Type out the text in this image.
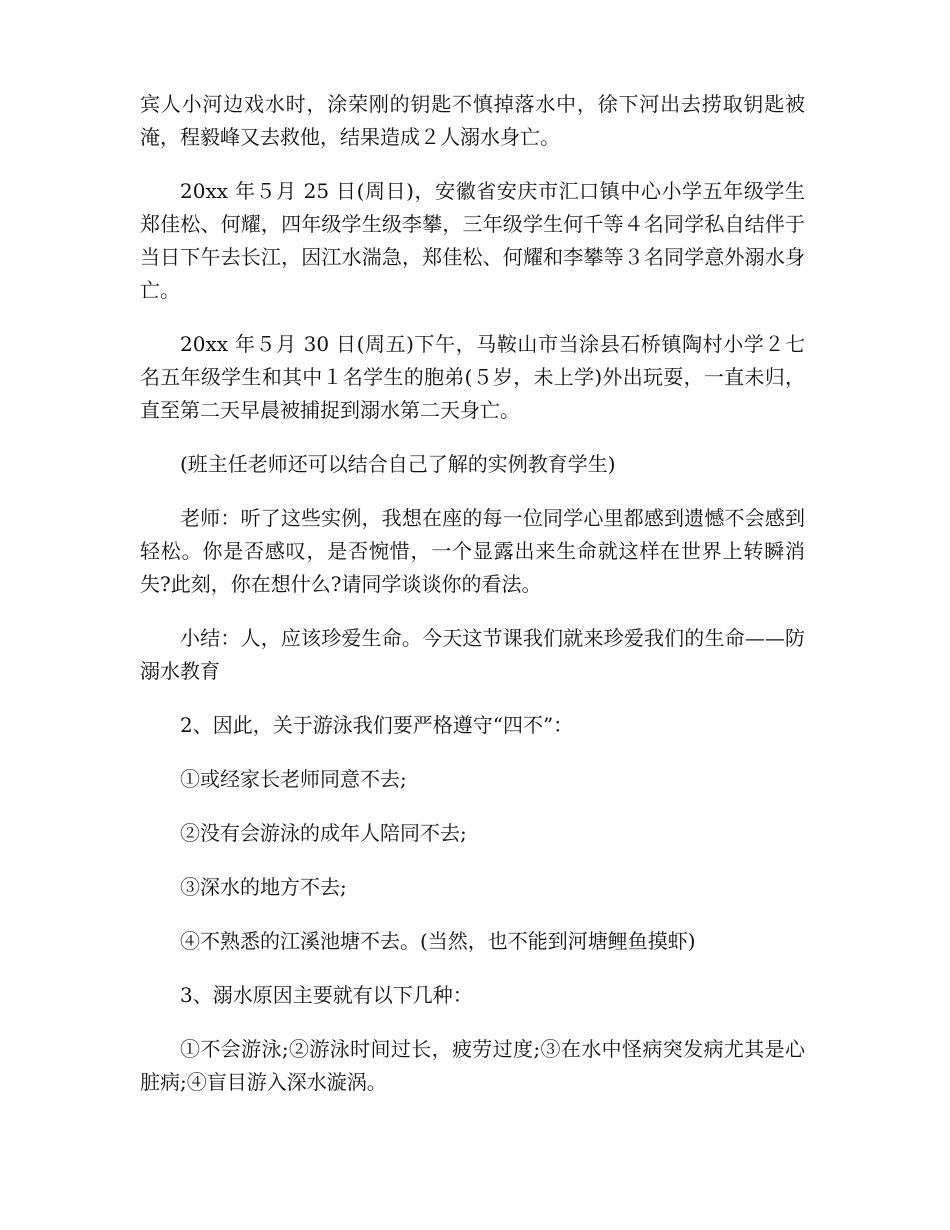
宾人小河边戏水时，涂荣刚的钥匙不慎掉落水中，徐下河出去捞取钥匙被淹，程毅峰又去救他，结果造成２人溺水身亡。

20xx 年５月 25 日(周日)，安徽省安庆市汇口镇中心小学五年级学生郑佳松、何耀，四年级学生级李攀，三年级学生何千等４名同学私自结伴于当日下午去长江，因江水湍急，郑佳松、何耀和李攀等３名同学意外溺水身亡。

20xx 年５月 30 日(周五)下午，马鞍山市当涂县石桥镇陶村小学２七名五年级学生和其中１名学生的胞弟(５岁，未上学)外出玩耍，一直未归，直至第二天早晨被捕捉到溺水第二天身亡。

(班主任老师还可以结合自己了解的实例教育学生)

老师：听了这些实例，我想在座的每一位同学心里都感到遗憾不会感到轻松。你是否感叹，是否惋惜，一个显露出来生命就这样在世界上转瞬消失?此刻，你在想什么?请同学谈谈你的看法。

小结：人，应该珍爱生命。今天这节课我们就来珍爱我们的生命——防溺水教育

2、因此，关于游泳我们要严格遵守“四不”：

①或经家长老师同意不去;

②没有会游泳的成年人陪同不去;

③深水的地方不去;

④不熟悉的江溪池塘不去。(当然，也不能到河塘鲤鱼摸虾)

3、溺水原因主要就有以下几种：

①不会游泳;②游泳时间过长，疲劳过度;③在水中怪病突发病尤其是心脏病;④盲目游入深水漩涡。
